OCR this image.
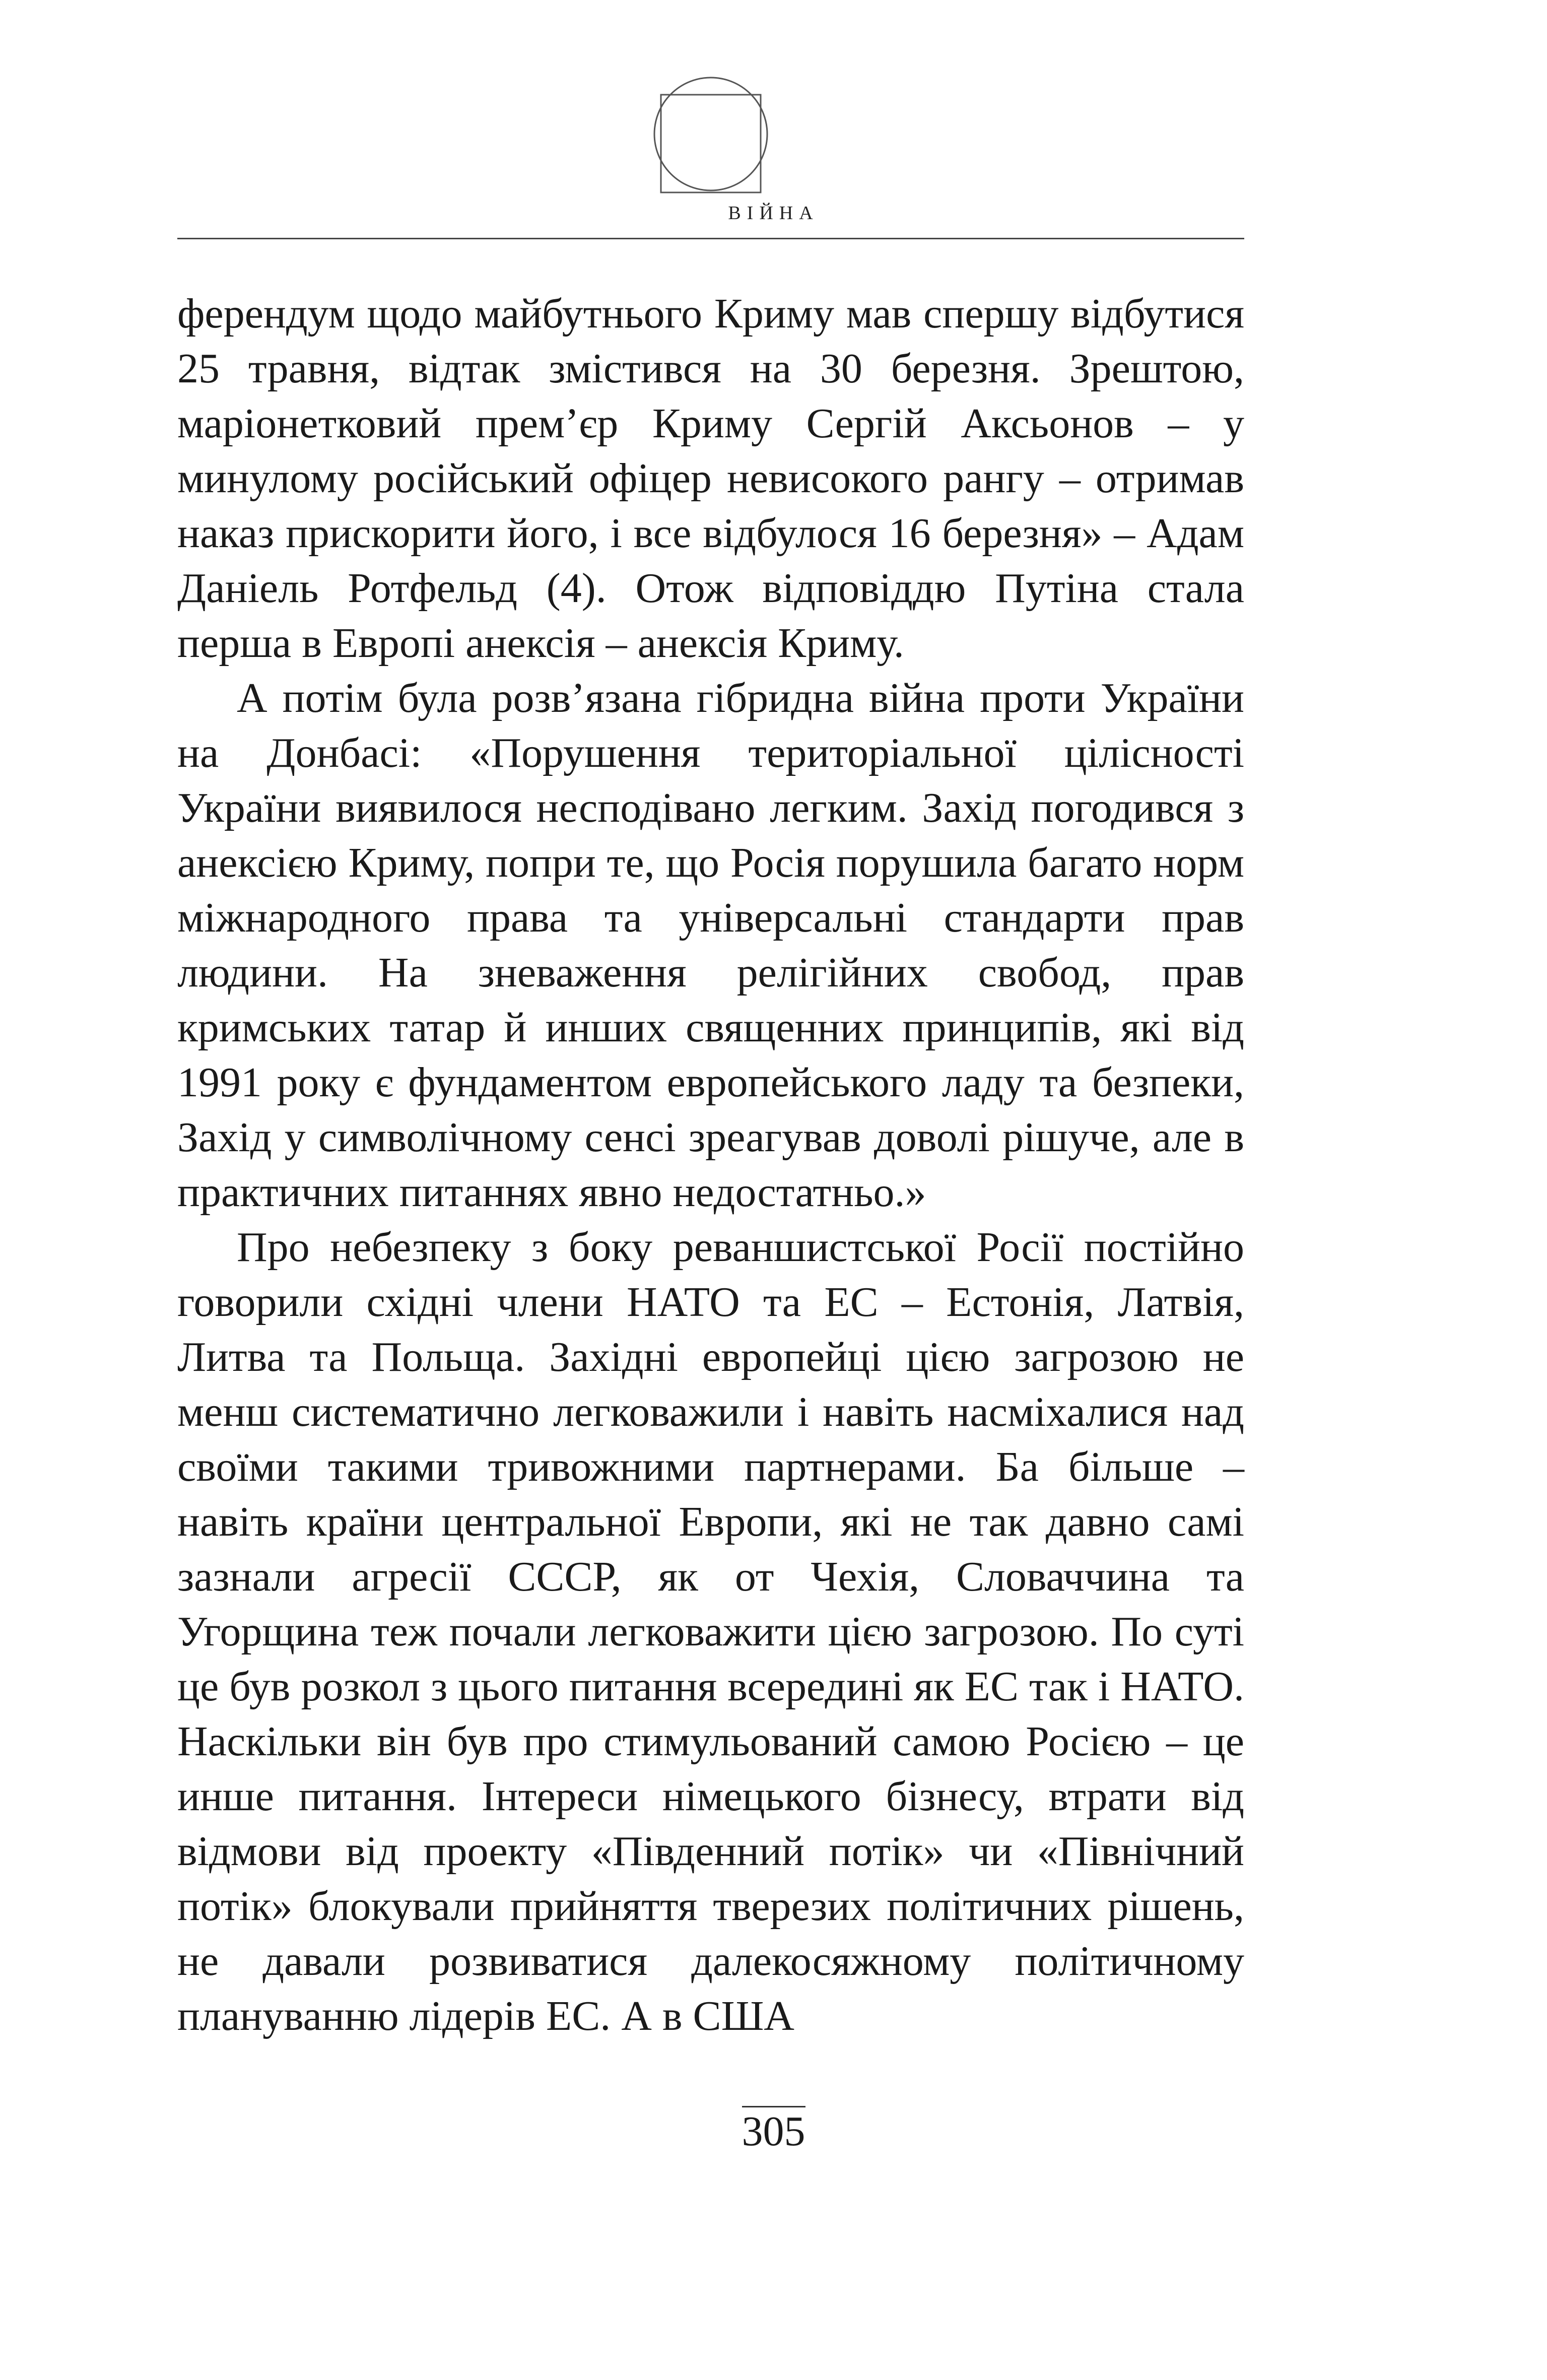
ВІЙНА

ферендум щодо майбутнього Криму мав спершу відбутися 25 травня, відтак змістився на 30 березня. Зрештою, маріонетковий прем’єр Криму Сергій Аксьонов – у минулому російський офіцер невисокого рангу – отримав наказ прискорити його, і все відбулося 16 березня» – Адам Даніель Ротфельд (4). Отож відповіддю Путіна стала перша в Европі анексія – анексія Криму.

А потім була розв’язана гібридна війна проти України на Донбасі: «Порушення територіальної цілісності України виявилося несподівано легким. Захід погодився з анексією Криму, попри те, що Росія порушила багато норм міжнародного права та універсальні стандарти прав людини. На зневаження релігійних свобод, прав кримських татар й инших священних принципів, які від 1991 року є фундаментом европейського ладу та безпеки, Захід у символічному сенсі зреагував доволі рішуче, але в практичних питаннях явно недостатньо.»

Про небезпеку з боку реваншистської Росії постійно говорили східні члени НАТО та ЕС – Естонія, Латвія, Литва та Польща. Західні европейці цією загрозою не менш систематично легковажили і навіть насміхалися над своїми такими тривожними партнерами. Ба більше – навіть країни центральної Европи, які не так давно самі зазнали агресії СССР, як от Чехія, Словаччина та Угорщина теж почали легковажити цією загрозою. По суті це був розкол з цього питання всередині як ЕС так і НАТО. Наскільки він був про стимульований самою Росією – це инше питання. Інтереси німецького бізнесу, втрати від відмови від проекту «Південний потік» чи «Північний потік» блокували прийняття тверезих політичних рішень, не давали розвиватися далекосяжному політичному плануванню лідерів ЕС. А в США

305
